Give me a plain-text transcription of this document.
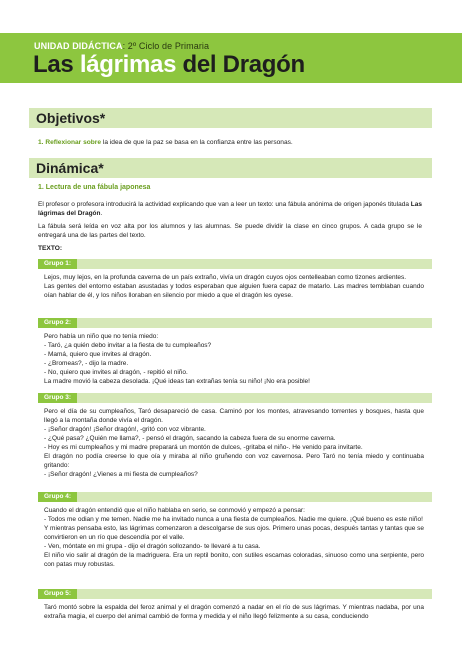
UNIDAD DIDÁCTICA: 2º Ciclo de Primaria
Las lágrimas del Dragón
Objetivos*
1. Reflexionar sobre la idea de que la paz se basa en la confianza entre las personas.
Dinámica*
1. Lectura de una fábula japonesa
El profesor o profesora introducirá la actividad explicando que van a leer un texto: una fábula anónima de origen japonés titulada Las lágrimas del Dragón.
La fábula será leída en voz alta por los alumnos y las alumnas. Se puede dividir la clase en cinco grupos. A cada grupo se le entregará una de las partes del texto.
TEXTO:
Grupo 1:
Lejos, muy lejos, en la profunda caverna de un país extraño, vivía un dragón cuyos ojos centelleaban como tizones ardientes.
Las gentes del entorno estaban asustadas y todos esperaban que alguien fuera capaz de matarlo. Las madres temblaban cuando oían hablar de él, y los niños lloraban en silencio por miedo a que el dragón les oyese.
Grupo 2:
Pero había un niño que no tenía miedo:
- Taró, ¿a quién debo invitar a la fiesta de tu cumpleaños?
- Mamá, quiero que invites al dragón.
- ¿Bromeas?, - dijo la madre.
- No, quiero que invites al dragón, - repitió el niño.
La madre movió la cabeza desolada. ¡Qué ideas tan extrañas tenía su niño! ¡No era posible!
Grupo 3:
Pero el día de su cumpleaños, Taró desapareció de casa. Caminó por los montes, atravesando torrentes y bosques, hasta que llegó a la montaña donde vivía el dragón.
- ¡Señor dragón! ¡Señor dragón!, -gritó con voz vibrante.
- ¿Qué pasa? ¿Quién me llama?, - pensó el dragón, sacando la cabeza fuera de su enorme caverna.
- Hoy es mi cumpleaños y mi madre preparará un montón de dulces, -gritaba el niño-. He venido para invitarte.
El dragón no podía creerse lo que oía y miraba al niño gruñendo con voz cavernosa. Pero Taró no tenía miedo y continuaba gritando:
- ¡Señor dragón! ¿Vienes a mi fiesta de cumpleaños?
Grupo 4:
Cuando el dragón entendió que el niño hablaba en serio, se conmovió y empezó a pensar:
- Todos me odian y me temen. Nadie me ha invitado nunca a una fiesta de cumpleaños. Nadie me quiere. ¡Qué bueno es este niño!
Y mientras pensaba esto, las lágrimas comenzaron a descolgarse de sus ojos. Primero unas pocas, después tantas y tantas que se convirtieron en un río que descendía por el valle.
- Ven, móntate en mi grupa - dijo el dragón sollozando- te llevaré a tu casa.
El niño vio salir al dragón de la madriguera. Era un reptil bonito, con sutiles escamas coloradas, sinuoso como una serpiente, pero con patas muy robustas.
Grupo 5:
Taró montó sobre la espalda del feroz animal y el dragón comenzó a nadar en el río de sus lágrimas. Y mientras nadaba, por una extraña magia, el cuerpo del animal cambió de forma y medida y el niño llegó felizmente a su casa, conduciendo
